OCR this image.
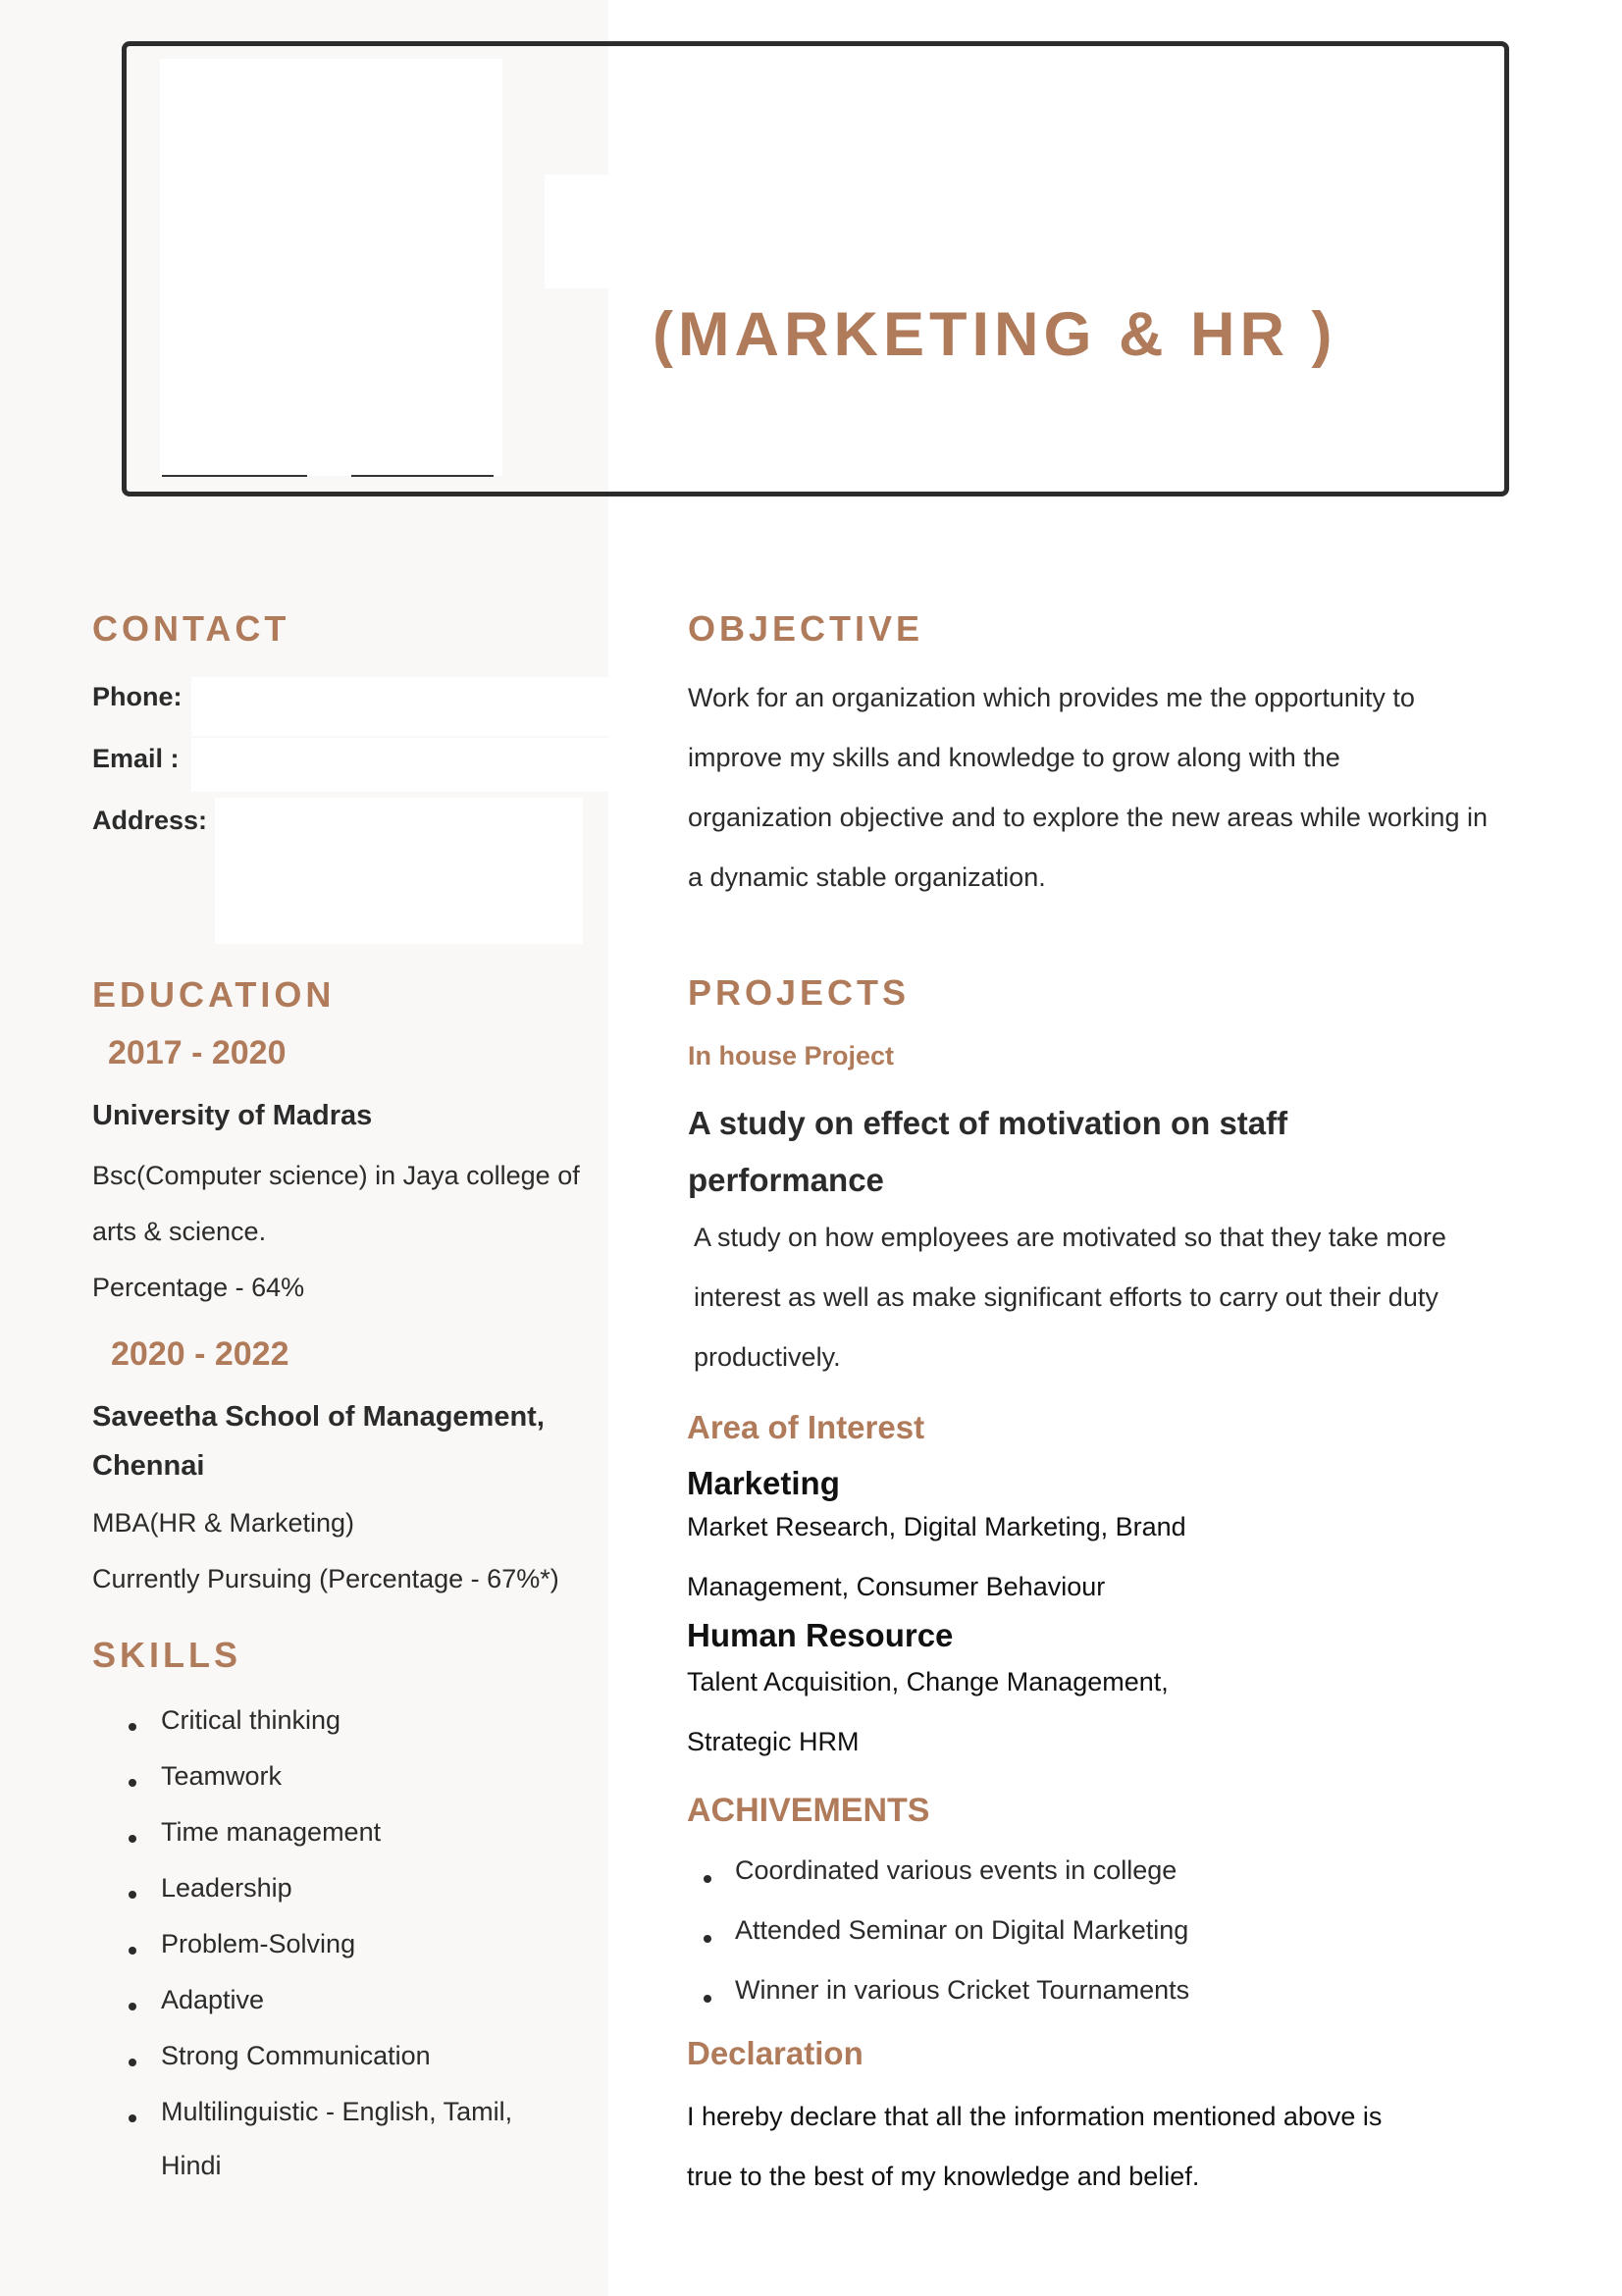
(MARKETING & HR )
CONTACT
Phone:
Email :
Address:
EDUCATION
2017 - 2020
University of Madras
Bsc(Computer science) in Jaya college of
arts & science.
Percentage - 64%
2020 - 2022
Saveetha School of Management,
Chennai
MBA(HR & Marketing)
Currently Pursuing (Percentage - 67%*)
SKILLS
Critical thinking
Teamwork
Time management
Leadership
Problem-Solving
Adaptive
Strong Communication
Multilinguistic - English, Tamil,
Hindi
OBJECTIVE
Work for an organization which provides me the opportunity to
improve my skills and knowledge to grow along with the
organization objective and to explore the new areas while working in
a dynamic stable organization.
PROJECTS
In house Project
A study on effect of motivation on staff
performance
A study on how employees are motivated so that they take more
interest as well as make significant efforts to carry out their duty
productively.
Area of Interest
Marketing
Market Research, Digital Marketing, Brand
Management, Consumer Behaviour
Human Resource
Talent Acquisition, Change Management,
Strategic HRM
ACHIVEMENTS
Coordinated various events in college
Attended Seminar on Digital Marketing
Winner in various Cricket Tournaments
Declaration
I hereby declare that all the information mentioned above is
true to the best of my knowledge and belief.
